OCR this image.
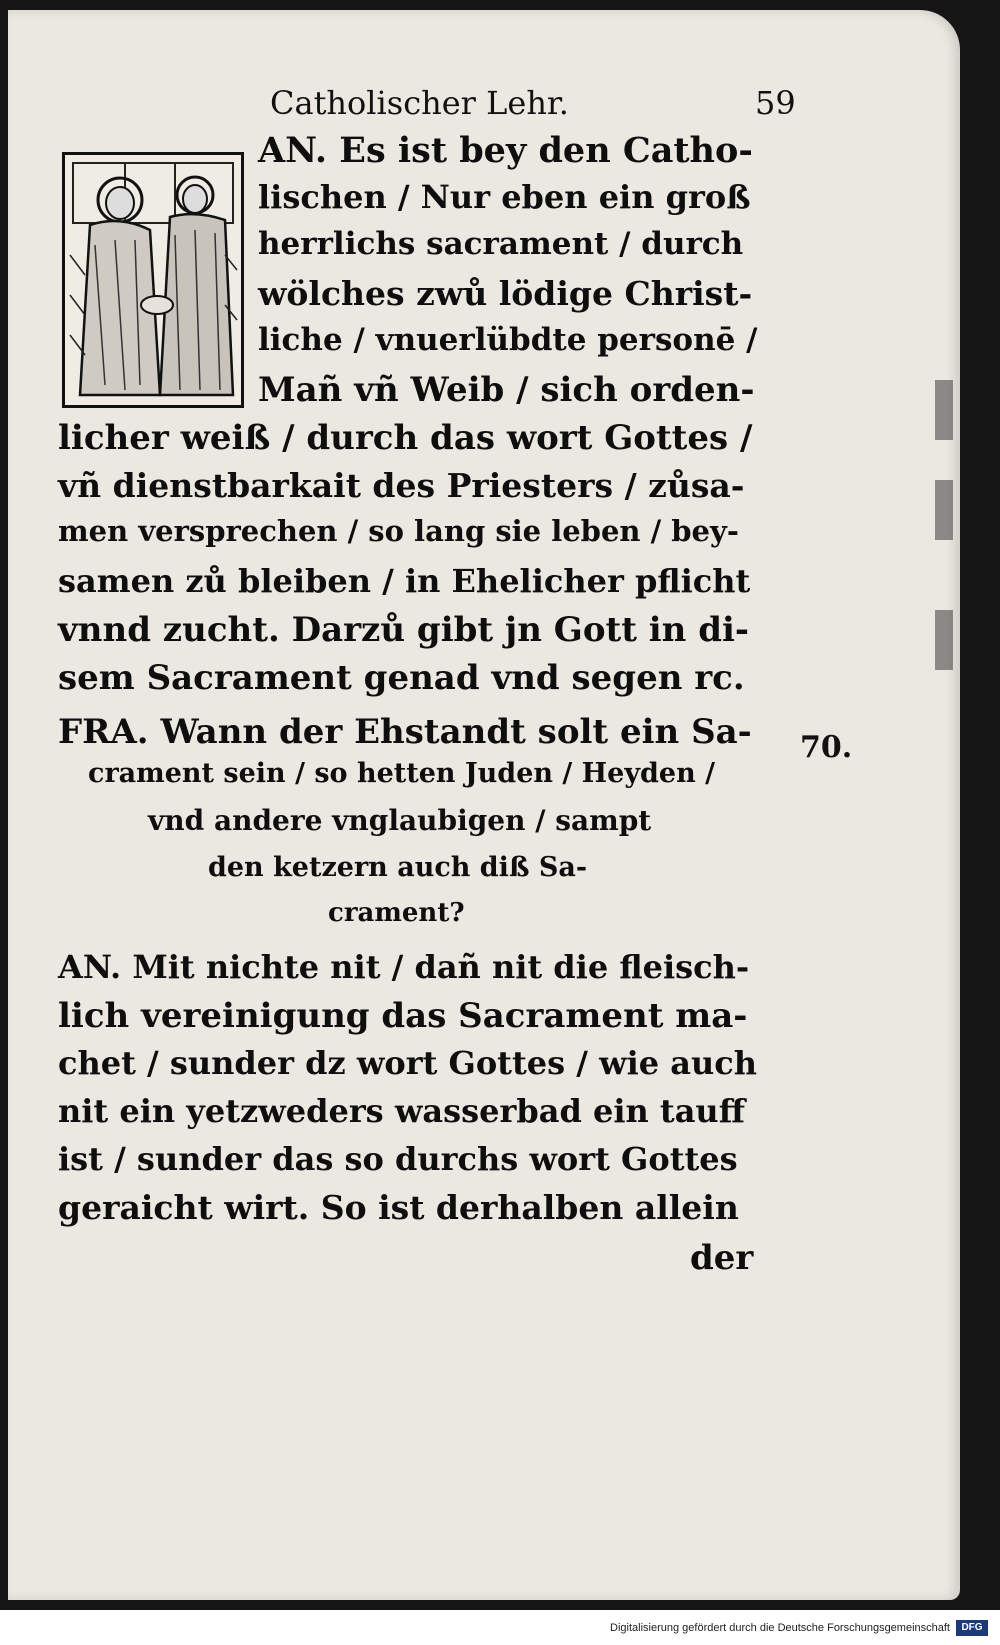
Catholischer Lehr.	59
AN. Es ist bey den Catho-
lischen / Nur eben ein groß
herrlichs sacrament / durch
wölches zwů lödige Christ-
liche / vnuerlübdte personē /
Mañ vñ Weib / sich orden-
licher weiß / durch das wort Gottes /
vñ dienstbarkait des Priesters / zůsa-
men versprechen / so lang sie leben / bey-
samen zů bleiben / in Ehelicher pflicht
vnnd zucht. Darzů gibt jn Gott in di-
sem Sacrament genad vnd segen rc.
FRA. Wann der Ehstandt solt ein Sa-
crament sein / so hetten Juden / Heyden /
vnd andere vnglaubigen / sampt
den ketzern auch diß Sa-
crament?
AN. Mit nichte nit / dañ nit die fleisch-
lich vereinigung das Sacrament ma-
chet / sunder dz wort Gottes / wie auch
nit ein yetzweders wasserbad ein tauff
ist / sunder das so durchs wort Gottes
geraicht wirt. So ist derhalben allein
der
70.
Digitalisierung gefördert durch die Deutsche Forschungsgemeinschaft	DFG
